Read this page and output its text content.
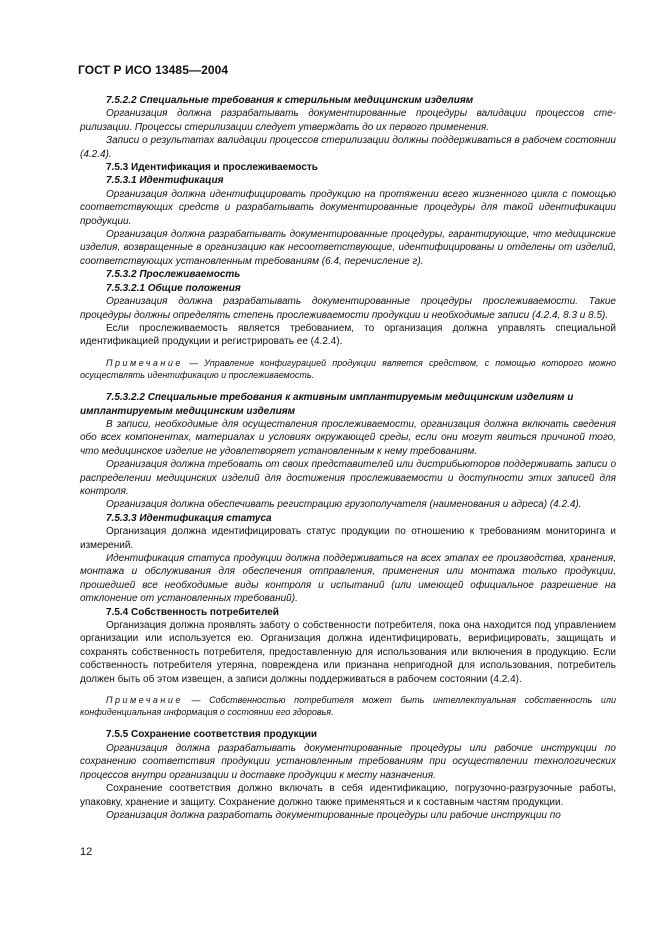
ГОСТ Р ИСО 13485—2004

7.5.2.2 Специальные требования к стерильным медицинским изделиям

Организация должна разрабатывать документированные процедуры валидации процессов стерилизации. Процессы стерилизации следует утверждать до их первого применения.

Записи о результатах валидации процессов стерилизации должны поддерживаться в рабочем состоянии (4.2.4).

7.5.3 Идентификация и прослеживаемость

7.5.3.1 Идентификация

Организация должна идентифицировать продукцию на протяжении всего жизненного цикла с помощью соответствующих средств и разрабатывать документированные процедуры для такой идентификации продукции.

Организация должна разрабатывать документированные процедуры, гарантирующие, что медицинские изделия, возвращенные в организацию как несоответствующие, идентифицированы и отделены от изделий, соответствующих установленным требованиям (6.4, перечисление г).

7.5.3.2 Прослеживаемость

7.5.3.2.1 Общие положения

Организация должна разрабатывать документированные процедуры прослеживаемости. Такие процедуры должны определять степень прослеживаемости продукции и необходимые записи (4.2.4, 8.3 и 8.5).

Если прослеживаемость является требованием, то организация должна управлять специальной идентификацией продукции и регистрировать ее (4.2.4).

Примечание — Управление конфигурацией продукции является средством, с помощью которого можно осуществлять идентификацию и прослеживаемость.

7.5.3.2.2 Специальные требования к активным имплантируемым медицинским изделиям и имплантируемым медицинским изделиям

В записи, необходимые для осуществления прослеживаемости, организация должна включать сведения обо всех компонентах, материалах и условиях окружающей среды, если они могут явиться причиной того, что медицинское изделие не удовлетворяет установленным к нему требованиям.

Организация должна требовать от своих представителей или дистрибьюторов поддерживать записи о распределении медицинских изделий для достижения прослеживаемости и доступности этих записей для контроля.

Организация должна обеспечивать регистрацию грузополучателя (наименования и адреса) (4.2.4).

7.5.3.3 Идентификация статуса

Организация должна идентифицировать статус продукции по отношению к требованиям мониторинга и измерений.

Идентификация статуса продукции должна поддерживаться на всех этапах ее производства, хранения, монтажа и обслуживания для обеспечения отправления, применения или монтажа только продукции, прошедшей все необходимые виды контроля и испытаний (или имеющей официальное разрешение на отклонение от установленных требований).

7.5.4 Собственность потребителей

Организация должна проявлять заботу о собственности потребителя, пока она находится под управлением организации или используется ею. Организация должна идентифицировать, верифицировать, защищать и сохранять собственность потребителя, предоставленную для использования или включения в продукцию. Если собственность потребителя утеряна, повреждена или признана непригодной для использования, потребитель должен быть об этом извещен, а записи должны поддерживаться в рабочем состоянии (4.2.4).

Примечание — Собственностью потребителя может быть интеллектуальная собственность или конфиденциальная информация о состоянии его здоровья.

7.5.5 Сохранение соответствия продукции

Организация должна разрабатывать документированные процедуры или рабочие инструкции по сохранению соответствия продукции установленным требованиям при осуществлении технологических процессов внутри организации и доставке продукции к месту назначения.

Сохранение соответствия должно включать в себя идентификацию, погрузочно-разгрузочные работы, упаковку, хранение и защиту. Сохранение должно также применяться и к составным частям продукции.

Организация должна разработать документированные процедуры или рабочие инструкции по

12
